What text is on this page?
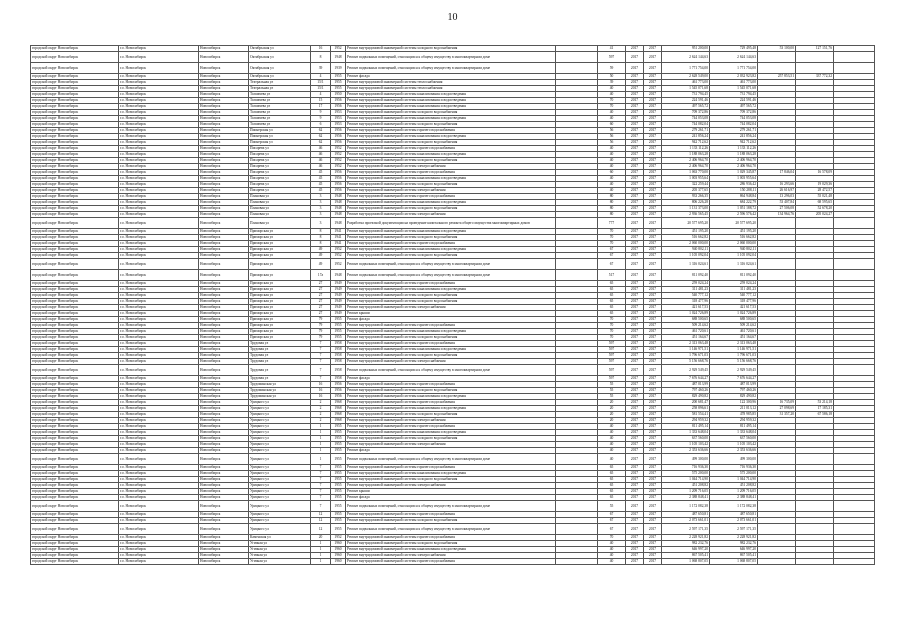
10
городской округ Новосибирск	г.о. Новосибирск	Новосибирск	Октябрьская ул	16	1952	Ремонт внутридомовой инженерной системы холодного водоснабжения		41	2017	2017	951 200,00	729 495,48	53 100,00	127 151,76	
городской округ Новосибирск	г.о. Новосибирск	Новосибирск	Октябрьская ул	8	1948	Ремонт подвальных помещений, относящихся к общему имуществу в многоквартирном доме		597	2017	2017	2 624 144,63	2 624 144,63			
городской округ Новосибирск	г.о. Новосибирск	Новосибирск	Октябрьская ул	39	1939	Ремонт подвальных помещений, относящихся к общему имуществу в многоквартирном доме		59	2017	2017	1 771 754,00	1 771 754,00			
городской округ Новосибирск	г.о. Новосибирск	Новосибирск	Октябрьская ул	4	1955	Ремонт фасада		50	2017	2017	2 628 549,00	2 032 923,82	257 853,51	337 772,32	
городской округ Новосибирск	г.о. Новосибирск	Новосибирск	Театральная ул	15/1	1955	Ремонт внутридомовой инженерной системы теплоснабжения		39	2017	2017	461 773,00	461 773,00			
городской округ Новосибирск	г.о. Новосибирск	Новосибирск	Театральная ул	15/1	1955	Ремонт внутридомовой инженерной системы теплоснабжения		40	2017	2017	1 545 071,68	1 545 071,68			
городской округ Новосибирск	г.о. Новосибирск	Новосибирск	Толмачева ул	4	1950	Ремонт внутридомовой инженерной системы канализования и водоотведения		40	2017	2017	731 794,45	731 794,45			
городской округ Новосибирск	г.о. Новосибирск	Новосибирск	Толмачева ул	15	1956	Ремонт внутридомовой инженерной системы канализования и водоотведения		70	2017	2017	224 591,46	224 591,46			
городской округ Новосибирск	г.о. Новосибирск	Новосибирск	Толмачева ул	17	1956	Ремонт внутридомовой инженерной системы канализования и водоотведения		70	2017	2017	497 565,72	497 565,72			
городской округ Новосибирск	г.о. Новосибирск	Новосибирск	Толмачева ул	9	1953	Ремонт внутридомовой инженерной системы холодного водоснабжения		40	2017	2017	709 372,86	709 372,86			
городской округ Новосибирск	г.о. Новосибирск	Новосибирск	Толмачева ул	9	1953	Ремонт внутридомовой инженерной системы канализования и водоотведения		40	2017	2017	744 053,08	744 053,08			
городской округ Новосибирск	г.о. Новосибирск	Новосибирск	Толмачева ул	6	1953	Ремонт внутридомовой инженерной системы холодного водоснабжения		60	2017	2017	744 082,04	744 082,04			
городской округ Новосибирск	г.о. Новосибирск	Новосибирск	Пионерская ул	62	1956	Ремонт внутридомовой инженерной системы горячего водоснабжения		56	2017	2017	279 261,71	279 261,71			
городской округ Новосибирск	г.о. Новосибирск	Новосибирск	Пионерская ул	62	1956	Ремонт внутридомовой инженерной системы канализования и водоотведения		56	2017	2017	241 856,24	241 856,24			
городской округ Новосибирск	г.о. Новосибирск	Новосибирск	Пионерская ул	62	1956	Ремонт внутридомовой инженерной системы холодного водоснабжения		56	2017	2017	942 712,62	942 712,62			
городской округ Новосибирск	г.о. Новосибирск	Новосибирск	Писарева ул	46	1952	Ремонт внутридомовой инженерной системы горячего водоснабжения		40	2017	2017	1 133 112,26	1 133 112,26			
городской округ Новосибирск	г.о. Новосибирск	Новосибирск	Писарева ул	46	1952	Ремонт внутридомовой инженерной системы канализования и водоотведения		40	2017	2017	1 188 063,28	1 188 063,28			
городской округ Новосибирск	г.о. Новосибирск	Новосибирск	Писарева ул	46	1952	Ремонт внутридомовой инженерной системы холодного водоснабжения		40	2017	2017	2 406 964,70	2 406 964,70			
городской округ Новосибирск	г.о. Новосибирск	Новосибирск	Писарева ул	46	1952	Ремонт внутридомовой инженерной системы электроснабжения		40	2017	2017	2 406 964,70	2 406 964,70			
городской округ Новосибирск	г.о. Новосибирск	Новосибирск	Писарева ул	45	1956	Ремонт внутридомовой инженерной системы горячего водоснабжения		60	2017	2017	1 063 770,00	1 029 345,87	17 846,04	16 578,09	
городской округ Новосибирск	г.о. Новосибирск	Новосибирск	Писарева ул	45	1956	Ремонт внутридомовой инженерной системы канализования и водоотведения		40	2017	2017	1 003 955,64	1 003 955,64			
городской округ Новосибирск	г.о. Новосибирск	Новосибирск	Писарева ул	45	1956	Ремонт внутридомовой инженерной системы холодного водоснабжения		40	2017	2017	322 259,44	286 936,42	16 293,66	19 029,36	
городской округ Новосибирск	г.о. Новосибирск	Новосибирск	Писарева ул	45	1956	Ремонт внутридомовой инженерной системы электроснабжения		40	2017	2017	205 377,65	150 288,11	26 616,97	28 472,57	
городской округ Новосибирск	г.о. Новосибирск	Новосибирск	Плановая ул	3	1948	Ремонт внутридомовой инженерной системы горячего водоснабжения		80	2017	2017	933 266,35	864 948,84	13 296,03	55 021,48	
городской округ Новосибирск	г.о. Новосибирск	Новосибирск	Плановая ул	3	1948	Ремонт внутридомовой инженерной системы канализования и водоотведения		80	2017	2017	806 226,28	684 222,79	53 407,84	68 595,65	
городской округ Новосибирск	г.о. Новосибирск	Новосибирск	Плановая ул	3	1948	Ремонт внутридомовой инженерной системы холодного водоснабжения		80	2017	2017	1 131 373,00	1 051 188,72	27 506,08	52 678,20	
городской округ Новосибирск	г.о. Новосибирск	Новосибирск	Плановая ул	3	1948	Ремонт внутридомовой инженерной системы электроснабжения		80	2017	2017	2 936 565,45	2 596 576,42	134 964,76	205 024,27	
городской округ Новосибирск	г.о. Новосибирск	Новосибирск	Плановая ул	3	1948	Разработка проектной документации на проведение капитального ремонта общего имущества многоквартирных домов		777	2017	2017	20 577 695,20	20 577 695,20			
городской округ Новосибирск	г.о. Новосибирск	Новосибирск	Приморская ул	8	1941	Ремонт внутридомовой инженерной системы канализования и водоотведения		70	2017	2017	451 195,20	451 195,20			
городской округ Новосибирск	г.о. Новосибирск	Новосибирск	Приморская ул	8	1941	Ремонт внутридомовой инженерной системы холодного водоснабжения		70	2017	2017	516 662,82	516 662,82			
городской округ Новосибирск	г.о. Новосибирск	Новосибирск	Приморская ул	8	1941	Ремонт внутридомовой инженерной системы горячего водоснабжения		70	2017	2017	2 060 000,00	2 060 000,00			
городской округ Новосибирск	г.о. Новосибирск	Новосибирск	Приморская ул	49	1952	Ремонт внутридомовой инженерной системы канализования и водоотведения		67	2017	2017	940 802,11	940 802,11			
городской округ Новосибирск	г.о. Новосибирск	Новосибирск	Приморская ул	49	1952	Ремонт внутридомовой инженерной системы холодного водоснабжения		67	2017	2017	1 105 092,04	1 105 092,04			
городской округ Новосибирск	г.о. Новосибирск	Новосибирск	Приморская ул	49	1952	Ремонт подвальных помещений, относящихся к общему имуществу в многоквартирном доме		67	2017	2017	1 316 024,61	1 316 024,61			
городской округ Новосибирск	г.о. Новосибирск	Новосибирск	Приморская ул	17а	1948	Ремонт подвальных помещений, относящихся к общему имуществу в многоквартирном доме		517	2017	2017	811 092,40	811 092,40			
городской округ Новосибирск	г.о. Новосибирск	Новосибирск	Приморская ул	27	1949	Ремонт внутридомовой инженерной системы горячего водоснабжения		65	2017	2017	259 024,24	259 024,24			
городской округ Новосибирск	г.о. Новосибирск	Новосибирск	Приморская ул	27	1949	Ремонт внутридомовой инженерной системы канализования и водоотведения		65	2017	2017	311 481,23	311 481,23			
городской округ Новосибирск	г.о. Новосибирск	Новосибирск	Приморская ул	27	1949	Ремонт внутридомовой инженерной системы холодного водоснабжения		65	2017	2017	540 777,12	540 777,12			
городской округ Новосибирск	г.о. Новосибирск	Новосибирск	Приморская ул	27	1949	Ремонт внутридомовой инженерной системы холодного водоснабжения		65	2017	2017	318 477,96	318 477,96			
городской округ Новосибирск	г.о. Новосибирск	Новосибирск	Приморская ул	27	1949	Ремонт внутридомовой инженерной системы электроснабжения		65	2017	2017	421 617,53	421 617,53			
городской округ Новосибирск	г.о. Новосибирск	Новосибирск	Приморская ул	27	1949	Ремонт крыши		65	2017	2017	1 024 726,89	1 024 726,89			
городской округ Новосибирск	г.о. Новосибирск	Новосибирск	Приморская ул	79	1955	Ремонт фасада		70	2017	2017	688 500,65	688 500,65			
городской округ Новосибирск	г.о. Новосибирск	Новосибирск	Приморская ул	79	1955	Ремонт внутридомовой инженерной системы горячего водоснабжения		70	2017	2017	509 214,62	509 214,62			
городской округ Новосибирск	г.о. Новосибирск	Новосибирск	Приморская ул	79	1955	Ремонт внутридомовой инженерной системы канализования и водоотведения		70	2017	2017	461 720,61	461 720,61			
городской округ Новосибирск	г.о. Новосибирск	Новосибирск	Приморская ул	79	1955	Ремонт внутридомовой инженерной системы холодного водоснабжения		70	2017	2017	451 164,67	451 164,67			
городской округ Новосибирск	г.о. Новосибирск	Новосибирск	Трудовая ул	7	1958	Ремонт внутридомовой инженерной системы горячего водоснабжения		597	2017	2017	2 313 063,48	2 313 063,48			
городской округ Новосибирск	г.о. Новосибирск	Новосибирск	Трудовая ул	7	1958	Ремонт внутридомовой инженерной системы канализования и водоотведения		597	2017	2017	1 146 971,51	1 146 971,51			
городской округ Новосибирск	г.о. Новосибирск	Новосибирск	Трудовая ул	7	1958	Ремонт внутридомовой инженерной системы холодного водоснабжения		597	2017	2017	1 796 671,03	1 796 671,03			
городской округ Новосибирск	г.о. Новосибирск	Новосибирск	Трудовая ул	7	1958	Ремонт внутридомовой инженерной системы электроснабжения		597	2017	2017	5 156 668,76	5 156 668,76			
городской округ Новосибирск	г.о. Новосибирск	Новосибирск	Трудовая ул	7	1958	Ремонт подвальных помещений, относящихся к общему имуществу в многоквартирном доме		597	2017	2017	2 929 549,45	2 929 549,45			
городской округ Новосибирск	г.о. Новосибирск	Новосибирск	Трудовая ул	7	1958	Ремонт фасада		597	2017	2017	7 676 644,27	7 676 644,27			
городской округ Новосибирск	г.о. Новосибирск	Новосибирск	Трудоминская ул	16	1956	Ремонт внутридомовой инженерной системы горячего водоснабжения		55	2017	2017	487 013,99	487 013,99			
городской округ Новосибирск	г.о. Новосибирск	Новосибирск	Трудоминская ул	16	1956	Ремонт внутридомовой инженерной системы холодного водоснабжения		55	2017	2017	797 460,26	797 460,26			
городской округ Новосибирск	г.о. Новосибирск	Новосибирск	Трудоминская ул	16	1956	Ремонт внутридомовой инженерной системы канализования и водоотведения		55	2017	2017	829 490,82	829 490,82			
городской округ Новосибирск	г.о. Новосибирск	Новосибирск	Урицкого ул	2	1968	Ремонт внутридомовой инженерной системы горячего водоснабжения		20	2017	2017	200 681,47	122 300,96	16 735,09	53 214,18	
городской округ Новосибирск	г.о. Новосибирск	Новосибирск	Урицкого ул	2	1968	Ремонт внутридомовой инженерной системы канализования и водоотведения		20	2017	2017	258 896,61	211 013,12	27 098,69	17 185,31	
городской округ Новосибирск	г.о. Новосибирск	Новосибирск	Урицкого ул	2	1968	Ремонт внутридомовой инженерной системы холодного водоснабжения		20	2017	2017	581 554,41	478 985,85	31 357,20	67 586,18	
городской округ Новосибирск	г.о. Новосибирск	Новосибирск	Урицкого ул	2	1968	Ремонт внутридомовой инженерной системы электроснабжения		20	2017	2017	294 959,32	294 959,32			
городской округ Новосибирск	г.о. Новосибирск	Новосибирск	Урицкого ул	1	1955	Ремонт внутридомовой инженерной системы горячего водоснабжения		40	2017	2017	811 495,14	811 495,14			
городской округ Новосибирск	г.о. Новосибирск	Новосибирск	Урицкого ул	1	1955	Ремонт внутридомовой инженерной системы канализования и водоотведения		40	2017	2017	1 333 648,04	1 333 648,04			
городской округ Новосибирск	г.о. Новосибирск	Новосибирск	Урицкого ул	1	1955	Ремонт внутридомовой инженерной системы холодного водоснабжения		40	2017	2017	637 560,00	637 560,00			
городской округ Новосибирск	г.о. Новосибирск	Новосибирск	Урицкого ул	1	1955	Ремонт внутридомовой инженерной системы электроснабжения		40	2017	2017	1 105 103,42	1 105 103,42			
городской округ Новосибирск	г.о. Новосибирск	Новосибирск	Урицкого ул	1	1955	Ремонт фасада		40	2017	2017	2 353 636,66	2 353 636,66			
городской округ Новосибирск	г.о. Новосибирск	Новосибирск	Урицкого ул	1	1955	Ремонт подвальных помещений, относящихся к общему имуществу в многоквартирном доме		40	2017	2017	499 300,00	499 300,00			
городской округ Новосибирск	г.о. Новосибирск	Новосибирск	Урицкого ул	7	1955	Ремонт внутридомовой инженерной системы горячего водоснабжения		65	2017	2017	716 936,30	716 936,30			
городской округ Новосибирск	г.о. Новосибирск	Новосибирск	Урицкого ул	7	1955	Ремонт внутридомовой инженерной системы канализования и водоотведения		65	2017	2017	575 200,00	575 200,00			
городской округ Новосибирск	г.о. Новосибирск	Новосибирск	Урицкого ул	7	1955	Ремонт внутридомовой инженерной системы холодного водоснабжения		65	2017	2017	1 044 714,90	1 044 714,90			
городской округ Новосибирск	г.о. Новосибирск	Новосибирск	Урицкого ул	7	1955	Ремонт внутридомовой инженерной системы электроснабжения		65	2017	2017	451 208,82	451 208,82			
городской округ Новосибирск	г.о. Новосибирск	Новосибирск	Урицкого ул	7	1955	Ремонт крыши		65	2017	2017	1 209 716,05	1 209 716,05			
городской округ Новосибирск	г.о. Новосибирск	Новосибирск	Урицкого ул	7	1955	Ремонт фасада		65	2017	2017	2 388 848,41	2 388 848,41			
городской округ Новосибирск	г.о. Новосибирск	Новосибирск	Урицкого ул	7	1955	Ремонт подвальных помещений, относящихся к общему имуществу в многоквартирном доме		55	2017	2017	1 172 082,38	1 172 082,38			
городской округ Новосибирск	г.о. Новосибирск	Новосибирск	Урицкого ул	12	1955	Ремонт внутридомовой инженерной системы горячего водоснабжения		67	2017	2017	487 650,81	487 650,81			
городской округ Новосибирск	г.о. Новосибирск	Новосибирск	Урицкого ул	12	1955	Ремонт внутридомовой инженерной системы холодного водоснабжения		67	2017	2017	2 073 661,01	2 073 661,01			
городской округ Новосибирск	г.о. Новосибирск	Новосибирск	Урицкого ул	12	1955	Ремонт подвальных помещений, относящихся к общему имуществу в многоквартирном доме		67	2017	2017	2 597 171,35	2 597 171,35			
городской округ Новосибирск	г.о. Новосибирск	Новосибирск	Каменская ул	20	1952	Ремонт внутридомовой инженерной системы горячего водоснабжения		70	2017	2017	2 228 921,82	2 228 921,82			
городской округ Новосибирск	г.о. Новосибирск	Новосибирск	Угичная ул	1	1960	Ремонт внутридомовой инженерной системы холодного водоснабжения		40	2017	2017	982 232,76	982 232,76			
городской округ Новосибирск	г.о. Новосибирск	Новосибирск	Угичная ул	1	1960	Ремонт внутридомовой инженерной системы канализования и водоотведения		40	2017	2017	646 997,20	646 997,20			
городской округ Новосибирск	г.о. Новосибирск	Новосибирск	Угичная ул	1	1960	Ремонт внутридомовой инженерной системы электроснабжения		40	2017	2017	867 505,41	867 505,41			
городской округ Новосибирск	г.о. Новосибирск	Новосибирск	Угичная ул	1	1960	Ремонт внутридомовой инженерной системы горячего водоснабжения		40	2017	2017	1 068 807,05	1 068 807,05			
